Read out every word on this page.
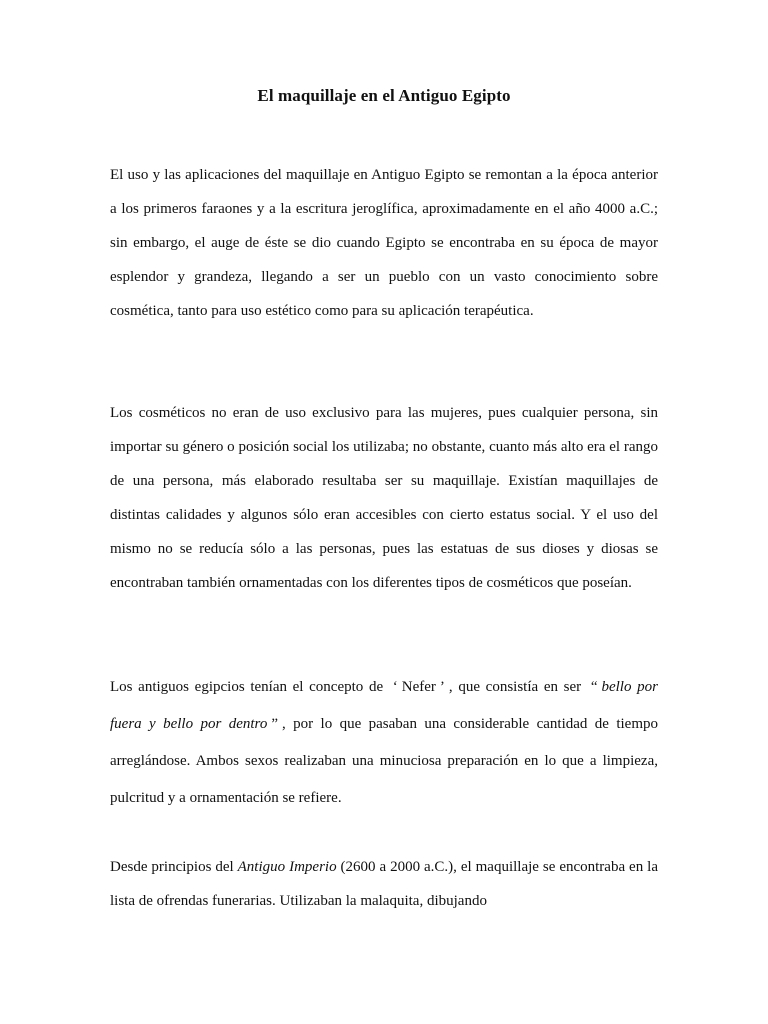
El maquillaje en el Antiguo Egipto

El uso y las aplicaciones del maquillaje en Antiguo Egipto se remontan a la época anterior a los primeros faraones y a la escritura jeroglífica, aproximadamente en el año 4000 a.C.; sin embargo, el auge de éste se dio cuando Egipto se encontraba en su época de mayor esplendor y grandeza, llegando a ser un pueblo con un vasto conocimiento sobre cosmética, tanto para uso estético como para su aplicación terapéutica.

Los cosméticos no eran de uso exclusivo para las mujeres, pues cualquier persona, sin importar su género o posición social los utilizaba; no obstante, cuanto más alto era el rango de una persona, más elaborado resultaba ser su maquillaje. Existían maquillajes de distintas calidades y algunos sólo eran accesibles con cierto estatus social. Y el uso del mismo no se reducía sólo a las personas, pues las estatuas de sus dioses y diosas se encontraban también ornamentadas con los diferentes tipos de cosméticos que poseían.

Los antiguos egipcios tenían el concepto de ‘ Nefer ’ , que consistía en ser “ bello por fuera y bello por dentro ” , por lo que pasaban una considerable cantidad de tiempo arreglándose. Ambos sexos realizaban una minuciosa preparación en lo que a limpieza, pulcritud y a ornamentación se refiere.

Desde principios del Antiguo Imperio (2600 a 2000 a.C.), el maquillaje se encontraba en la lista de ofrendas funerarias. Utilizaban la malaquita, dibujando
